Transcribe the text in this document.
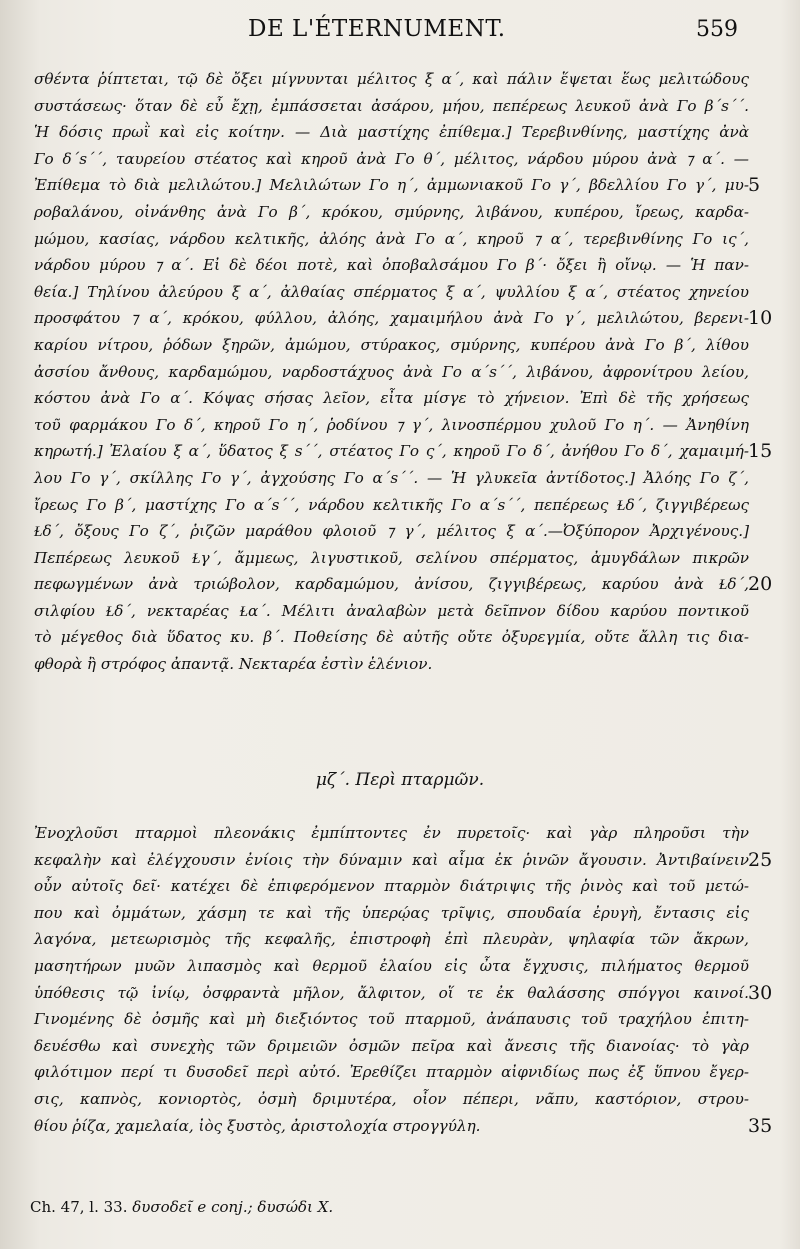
DE L'ÉTERNUMENT.	559
σθέντα ῥίπτεται, τῷ δὲ ὄξει μίγνυνται μέλιτος ξ α΄, καὶ πάλιν ἕψεται ἕως μελιτώδους
συστάσεως· ὅταν δὲ εὖ ἔχῃ, ἐμπάσσεται ἀσάρου, μήου, πεπέρεως λευκοῦ ἀνὰ Γο β΄s΄΄.
Ἡ δόσις πρωῒ καὶ εἰς κοίτην. — Διὰ μαστίχης ἐπίθεμα.] Τερεβινθίνης, μαστίχης ἀνὰ
Γο δ΄s΄΄, ταυρείου στέατος καὶ κηροῦ ἀνὰ Γο θ΄, μέλιτος, νάρδου μύρου ἀνὰ ⁊ α΄. —
Ἐπίθεμα τὸ διὰ μελιλώτου.] Μελιλώτων Γο η΄, ἀμμωνιακοῦ Γο γ΄, βδελλίου Γο γ΄, μυ- 5
ροβαλάνου, οἰνάνθης ἀνὰ Γο β΄, κρόκου, σμύρνης, λιβάνου, κυπέρου, ἴρεως, καρδα-
μώμου, κασίας, νάρδου κελτικῆς, ἀλόης ἀνὰ Γο α΄, κηροῦ ⁊ α΄, τερεβινθίνης Γο ις΄,
νάρδου μύρου ⁊ α΄. Εἰ δὲ δέοι ποτὲ, καὶ ὀποβαλσάμου Γο β΄· ὄξει ἢ οἴνῳ. — Ἡ παν-
θεία.] Τηλίνου ἀλεύρου ξ α΄, ἀλθαίας σπέρματος ξ α΄, ψυλλίου ξ α΄, στέατος χηνείου
προσφάτου ⁊ α΄, κρόκου, φύλλου, ἀλόης, χαμαιμήλου ἀνὰ Γο γ΄, μελιλώτου, βερενι- 10
καρίου νίτρου, ῥόδων ξηρῶν, ἀμώμου, στύρακος, σμύρνης, κυπέρου ἀνὰ Γο β΄, λίθου
ἀσσίου ἄνθους, καρδαμώμου, ναρδοστάχυος ἀνὰ Γο α΄s΄΄, λιβάνου, ἀφρονίτρου λείου,
κόστου ἀνὰ Γο α΄. Κόψας σήσας λεῖον, εἶτα μίσγε τὸ χήνειον. Ἐπὶ δὲ τῆς χρήσεως
τοῦ φαρμάκου Γο δ΄, κηροῦ Γο η΄, ῥοδίνου ⁊ γ΄, λινοσπέρμου χυλοῦ Γο η΄. — Ἀνηθίνη
κηρωτή.] Ἐλαίου ξ α΄, ὕδατος ξ s΄΄, στέατος Γο ς΄, κηροῦ Γο δ΄, ἀνήθου Γο δ΄, χαμαιμή- 15
λου Γο γ΄, σκίλλης Γο γ΄, ἀγχούσης Γο α΄s΄΄. — Ἡ γλυκεῖα ἀντίδοτος.] Ἀλόης Γο ζ΄,
ἴρεως Γο β΄, μαστίχης Γο α΄s΄΄, νάρδου κελτικῆς Γο α΄s΄΄, πεπέρεως Ɫδ΄, ζιγγιβέρεως
Ɫδ΄, ὄξους Γο ζ΄, ῥιζῶν μαράθου φλοιοῦ ⁊ γ΄, μέλιτος ξ α΄.—Ὀξύπορον Ἀρχιγένους.]
Πεπέρεως λευκοῦ Ɫγ΄, ἄμμεως, λιγυστικοῦ, σελίνου σπέρματος, ἀμυγδάλων πικρῶν
πεφωγμένων ἀνὰ τριώβολον, καρδαμώμου, ἀνίσου, ζιγγιβέρεως, καρύου ἀνὰ Ɫδ΄, 20
σιλφίου Ɫδ΄, νεκταρέας Ɫα΄. Μέλιτι ἀναλαβὼν μετὰ δεῖπνον δίδου καρύου ποντικοῦ
τὸ μέγεθος διὰ ὕδατος κυ. β΄. Ποθείσης δὲ αὐτῆς οὔτε ὀξυρεγμία, οὔτε ἄλλη τις δια-
φθορὰ ἢ στρόφος ἀπαντᾷ. Νεκταρέα ἐστὶν ἑλένιον.
μζ΄. Περὶ πταρμῶν.
Ἐνοχλοῦσι πταρμοὶ πλεονάκις ἐμπίπτοντες ἐν πυρετοῖς· καὶ γὰρ πληροῦσι τὴν
κεφαλὴν καὶ ἐλέγχουσιν ἐνίοις τὴν δύναμιν καὶ αἷμα ἐκ ῥινῶν ἄγουσιν. Ἀντιβαίνειν 25
οὖν αὐτοῖς δεῖ· κατέχει δὲ ἐπιφερόμενον πταρμὸν διάτριψις τῆς ῥινὸς καὶ τοῦ μετώ-
που καὶ ὀμμάτων, χάσμη τε καὶ τῆς ὑπερῴας τρῖψις, σπουδαία ἐρυγὴ, ἔντασις εἰς
λαγόνα, μετεωρισμὸς τῆς κεφαλῆς, ἐπιστροφὴ ἐπὶ πλευρὰν, ψηλαφία τῶν ἄκρων,
μασητήρων μυῶν λιπασμὸς καὶ θερμοῦ ἐλαίου εἰς ὦτα ἔγχυσις, πιλήματος θερμοῦ
ὑπόθεσις τῷ ἰνίῳ, ὀσφραντὰ μῆλον, ἄλφιτον, οἵ τε ἐκ θαλάσσης σπόγγοι καινοί. 30
Γινομένης δὲ ὀσμῆς καὶ μὴ διεξιόντος τοῦ πταρμοῦ, ἀνάπαυσις τοῦ τραχήλου ἐπιτη-
δευέσθω καὶ συνεχὴς τῶν δριμειῶν ὀσμῶν πεῖρα καὶ ἄνεσις τῆς διανοίας· τὸ γὰρ
φιλότιμον περί τι δυσοδεῖ περὶ αὐτό. Ἐρεθίζει πταρμὸν αἰφνιδίως πως ἐξ ὕπνου ἔγερ-
σις, καπνὸς, κονιορτὸς, ὀσμὴ δριμυτέρα, οἷον πέπερι, νᾶπυ, καστόριον, στρου-
θίου ῥίζα, χαμελαία, ἰὸς ξυστὸς, ἀριστολοχία στρογγύλη.	35
Ch. 47, l. 33. δυσοδεῖ e conj.; δυσώδι X.
